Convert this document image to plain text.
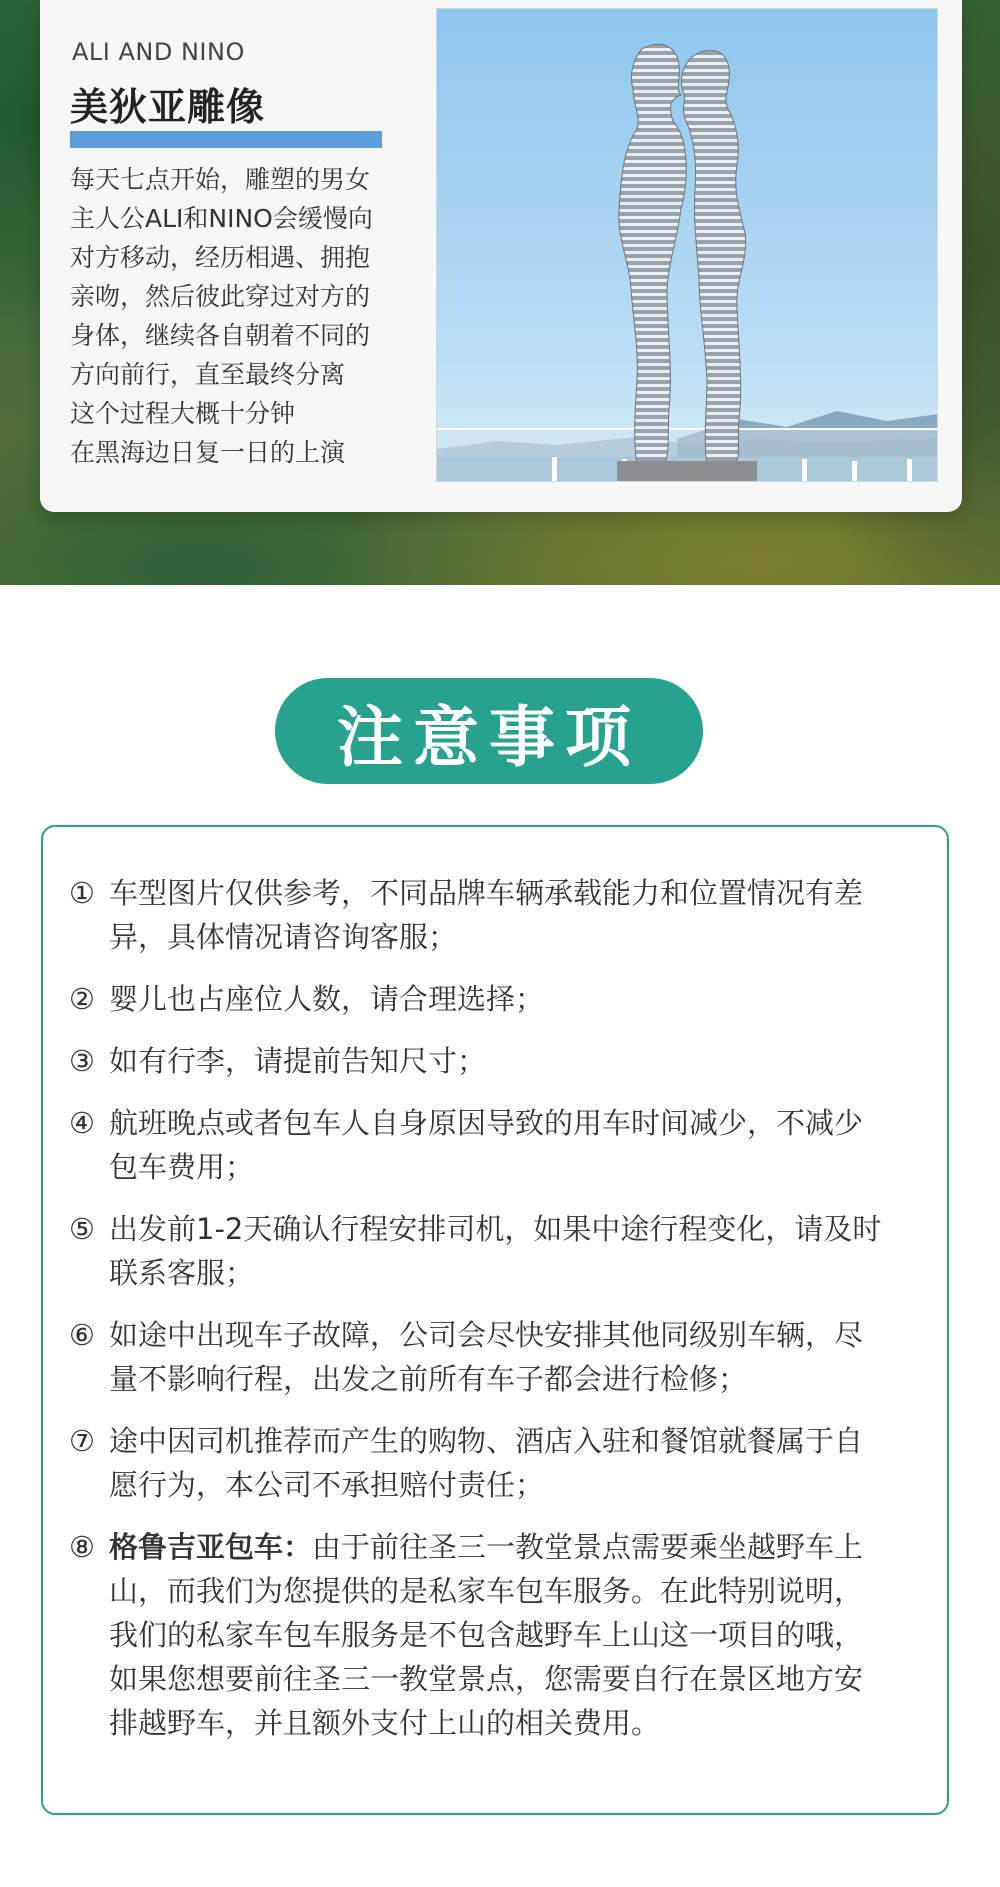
ALI AND NINO
美狄亚雕像
每天七点开始，雕塑的男女
主人公ALI和NINO会缓慢向
对方移动，经历相遇、拥抱
亲吻，然后彼此穿过对方的
身体，继续各自朝着不同的
方向前行，直至最终分离
这个过程大概十分钟
在黑海边日复一日的上演
注意事项
① 车型图片仅供参考，不同品牌车辆承载能力和位置情况有差
异，具体情况请咨询客服；
② 婴儿也占座位人数，请合理选择；
③ 如有行李，请提前告知尺寸；
④ 航班晚点或者包车人自身原因导致的用车时间减少，不减少
包车费用；
⑤ 出发前1-2天确认行程安排司机，如果中途行程变化，请及时
联系客服；
⑥ 如途中出现车子故障，公司会尽快安排其他同级别车辆，尽
量不影响行程，出发之前所有车子都会进行检修；
⑦ 途中因司机推荐而产生的购物、酒店入驻和餐馆就餐属于自
愿行为，本公司不承担赔付责任；
⑧ 格鲁吉亚包车：由于前往圣三一教堂景点需要乘坐越野车上
山，而我们为您提供的是私家车包车服务。在此特别说明，
我们的私家车包车服务是不包含越野车上山这一项目的哦，
如果您想要前往圣三一教堂景点，您需要自行在景区地方安
排越野车，并且额外支付上山的相关费用。
